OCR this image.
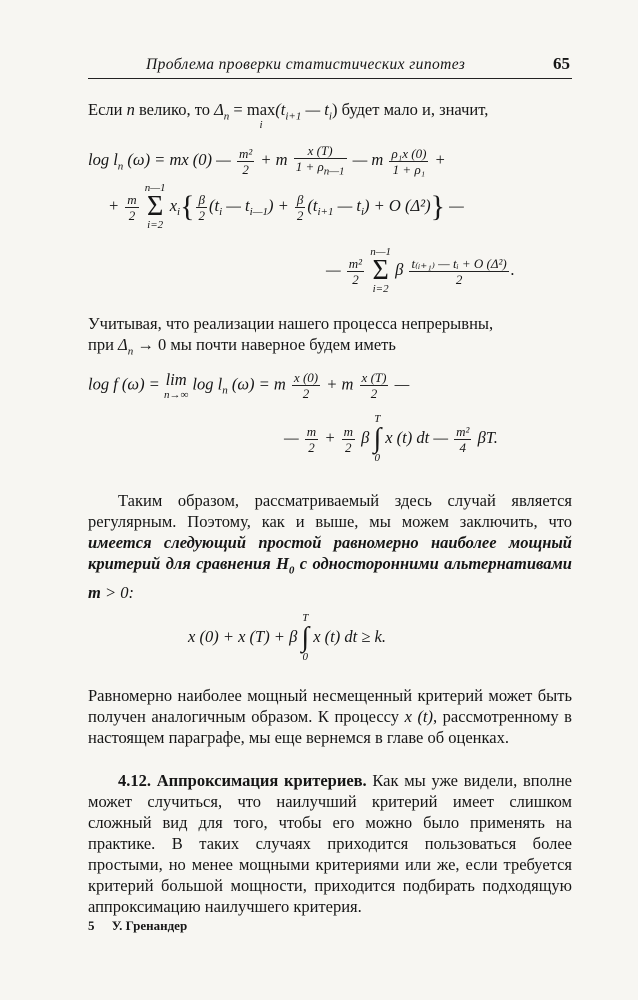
Проблема проверки статистических гипотез	65

Если n велико, то $\Delta_n = \max$
i
($t_{i+1}$ — $t_i$) будет мало и, значит,

$\log l_n$ (ω) = mx (0) — $\frac{\text{m²}}{2} + m \frac{x (T)}{1 + \rho_{n—1}}$ — m $\frac{\text{ρ₁x (0)}}{\text{1 + ρ₁}}$ +
+ $\frac{m}{2}$

n—1
Σ
i=2
$x_i\{ \frac{\beta}{2} (t_i$ — $t_{i—1}) + \frac{\beta}{2} (t_{i+1}$ — $t_i) + O$ (Δ²)} —
— $\frac{\text{m²}}{2}$

n—1
Σ
i=2
β $\frac{\text{t₍ᵢ₊₁₎ — tᵢ + O (Δ²)}}{2}$ .

Учитывая, что реализации нашего процесса непрерывны,
при $\Delta_n \to 0$ мы почти наверное будем иметь

log f (ω) = lim
n→∞
$\log l_n$ (ω) = m $\frac{x (0)}{2} + m \frac{x (T)}{2}$ —
— $\frac{m}{2} + \frac{m}{2}$ β
T
∫
0
x (t) dt — $\frac{\text{m²}}{4} \beta T$.

Таким образом, рассматриваемый здесь случай является регулярным. Поэтому, как и выше, мы можем заключить, что имеется следующий простой равномерно наиболее мощный критерий для сравнения $H_0$ с односторонними альтернативами m > 0:

x (0) + x (T) + β
T
∫
0
x (t) dt ≥ k.

Равномерно наиболее мощный несмещенный критерий может быть получен аналогичным образом. К процессу x (t), рассмотренному в настоящем параграфе, мы еще вернемся в главе об оценках.

4.12. Аппроксимация критериев. Как мы уже видели, вполне может случиться, что наилучший критерий имеет слишком сложный вид для того, чтобы его можно было применять на практике. В таких случаях приходится пользоваться более простыми, но менее мощными критериями или же, если требуется критерий большой мощности, приходится подбирать подходящую аппроксимацию наилучшего критерия.

5 У. Гренандер
